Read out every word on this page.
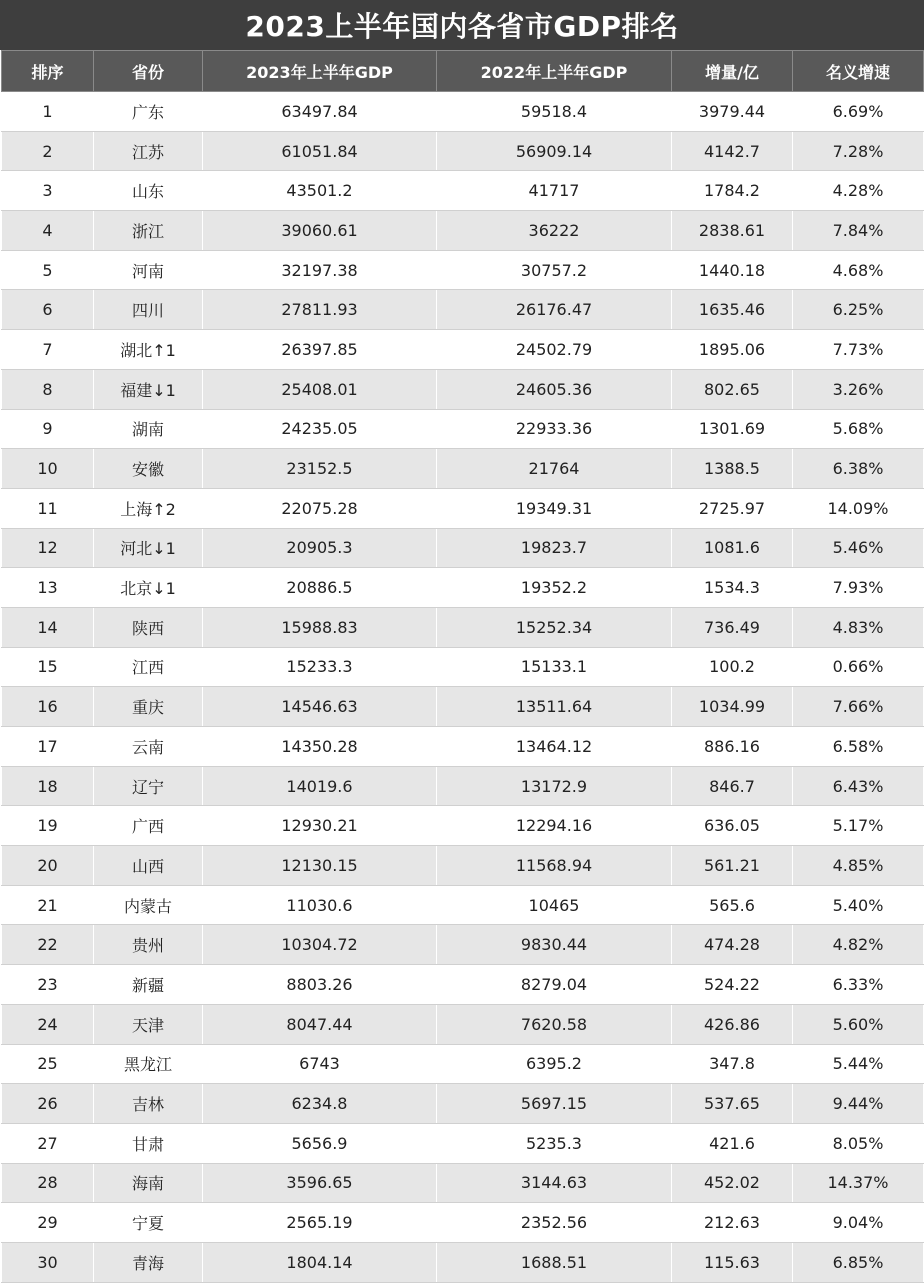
2023上半年国内各省市GDP排名
排序	省份	2023年上半年GDP	2022年上半年GDP	增量/亿	名义增速
1	广东	63497.84	59518.4	3979.44	6.69%
2	江苏	61051.84	56909.14	4142.7	7.28%
3	山东	43501.2	41717	1784.2	4.28%
4	浙江	39060.61	36222	2838.61	7.84%
5	河南	32197.38	30757.2	1440.18	4.68%
6	四川	27811.93	26176.47	1635.46	6.25%
7	湖北↑1	26397.85	24502.79	1895.06	7.73%
8	福建↓1	25408.01	24605.36	802.65	3.26%
9	湖南	24235.05	22933.36	1301.69	5.68%
10	安徽	23152.5	21764	1388.5	6.38%
11	上海↑2	22075.28	19349.31	2725.97	14.09%
12	河北↓1	20905.3	19823.7	1081.6	5.46%
13	北京↓1	20886.5	19352.2	1534.3	7.93%
14	陕西	15988.83	15252.34	736.49	4.83%
15	江西	15233.3	15133.1	100.2	0.66%
16	重庆	14546.63	13511.64	1034.99	7.66%
17	云南	14350.28	13464.12	886.16	6.58%
18	辽宁	14019.6	13172.9	846.7	6.43%
19	广西	12930.21	12294.16	636.05	5.17%
20	山西	12130.15	11568.94	561.21	4.85%
21	内蒙古	11030.6	10465	565.6	5.40%
22	贵州	10304.72	9830.44	474.28	4.82%
23	新疆	8803.26	8279.04	524.22	6.33%
24	天津	8047.44	7620.58	426.86	5.60%
25	黑龙江	6743	6395.2	347.8	5.44%
26	吉林	6234.8	5697.15	537.65	9.44%
27	甘肃	5656.9	5235.3	421.6	8.05%
28	海南	3596.65	3144.63	452.02	14.37%
29	宁夏	2565.19	2352.56	212.63	9.04%
30	青海	1804.14	1688.51	115.63	6.85%
